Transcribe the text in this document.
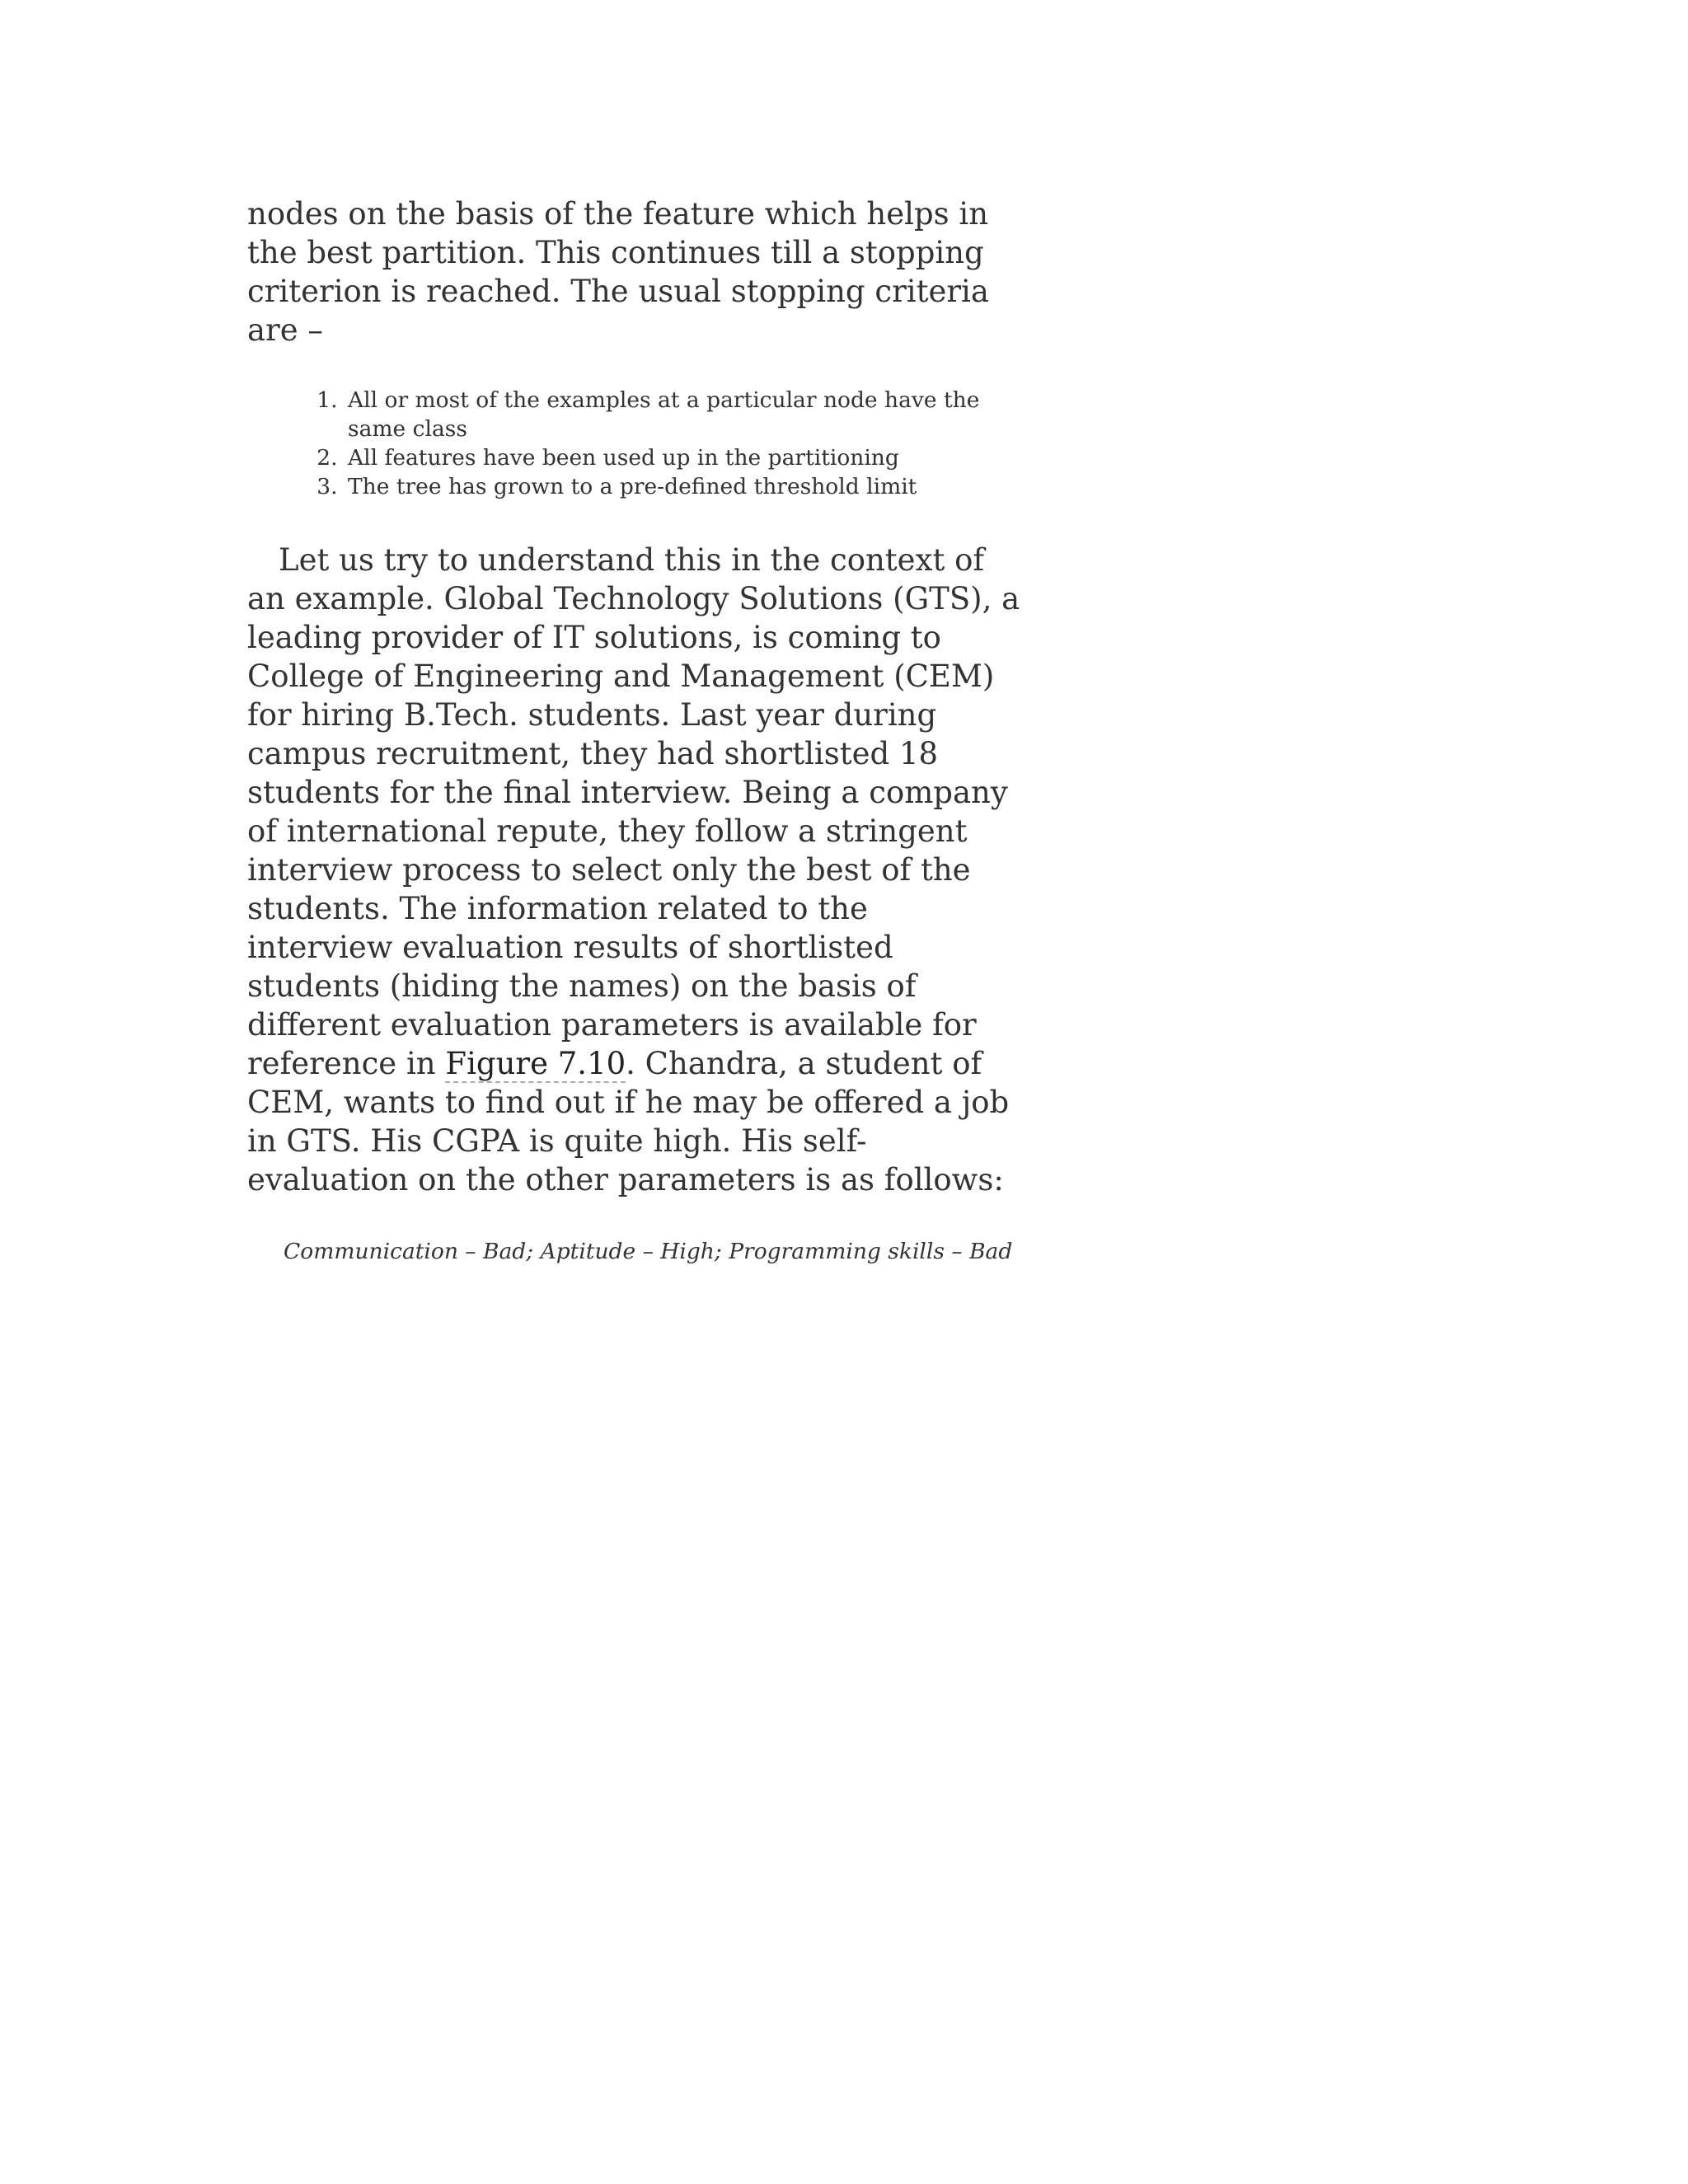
nodes on the basis of the feature which helps in the best partition. This continues till a stopping criterion is reached. The usual stopping criteria are –

1. All or most of the examples at a particular node have the same class
2. All features have been used up in the partitioning
3. The tree has grown to a pre-defined threshold limit

Let us try to understand this in the context of an example. Global Technology Solutions (GTS), a leading provider of IT solutions, is coming to College of Engineering and Management (CEM) for hiring B.Tech. students. Last year during campus recruitment, they had shortlisted 18 students for the final interview. Being a company of international repute, they follow a stringent interview process to select only the best of the students. The information related to the interview evaluation results of shortlisted students (hiding the names) on the basis of different evaluation parameters is available for reference in Figure 7.10. Chandra, a student of CEM, wants to find out if he may be offered a job in GTS. His CGPA is quite high. His self-evaluation on the other parameters is as follows:

Communication – Bad; Aptitude – High; Programming skills – Bad
